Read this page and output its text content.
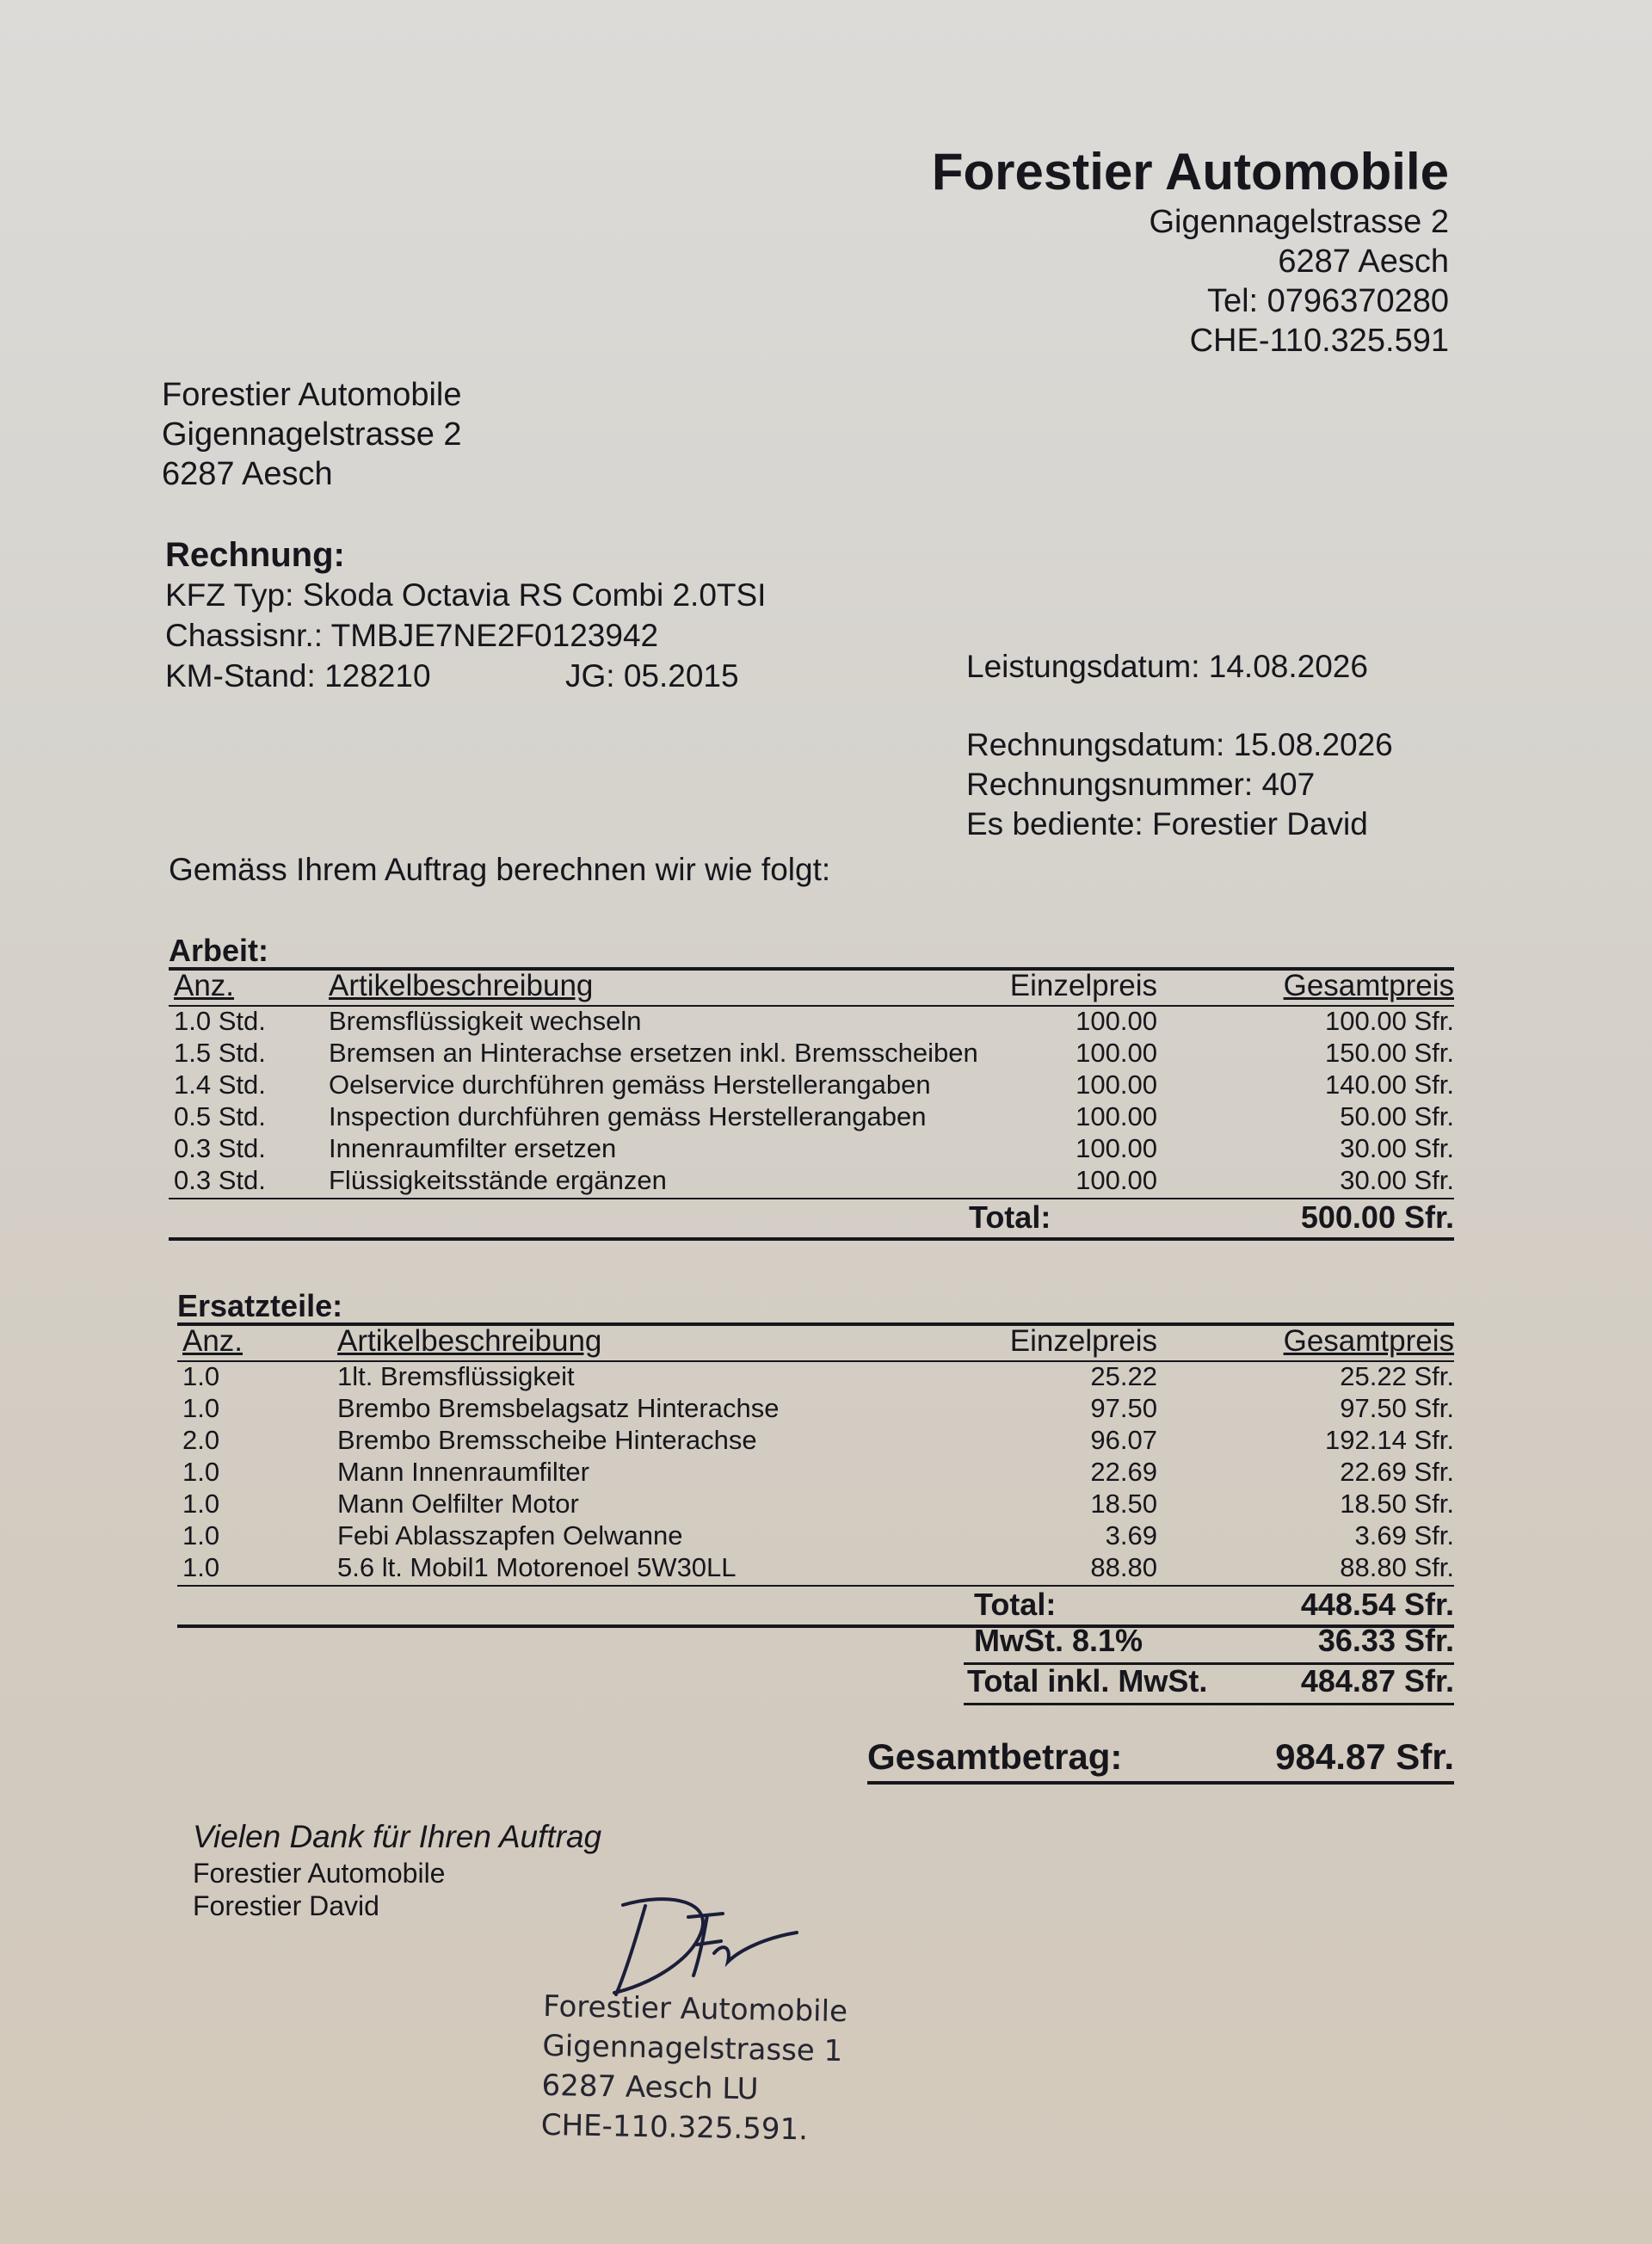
Forestier Automobile
Gigennagelstrasse 2
6287 Aesch
Tel: 0796370280
CHE-110.325.591
Forestier Automobile
Gigennagelstrasse 2
6287 Aesch
Rechnung:
KFZ Typ: Skoda Octavia RS Combi 2.0TSI
Chassisnr.: TMBJE7NE2F0123942
KM-Stand: 128210	JG: 05.2015	Leistungsdatum: 14.08.2026
Rechnungsdatum: 15.08.2026
Rechnungsnummer: 407
Es bediente: Forestier David
Gemäss Ihrem Auftrag berechnen wir wie folgt:
Arbeit:
Anz.	Artikelbeschreibung	Einzelpreis	Gesamtpreis
1.0 Std. Bremsflüssigkeit wechseln	100.00	100.00 Sfr.
1.5 Std. Bremsen an Hinterachse ersetzen inkl. Bremsscheiben	100.00	150.00 Sfr.
1.4 Std. Oelservice durchführen gemäss Herstellerangaben	100.00	140.00 Sfr.
0.5 Std. Inspection durchführen gemäss Herstellerangaben	100.00	50.00 Sfr.
0.3 Std. Innenraumfilter ersetzen	100.00	30.00 Sfr.
0.3 Std. Flüssigkeitsstände ergänzen	100.00	30.00 Sfr.
Total:	500.00 Sfr.
Ersatzteile:
Anz.	Artikelbeschreibung	Einzelpreis	Gesamtpreis
1.0	1lt. Bremsflüssigkeit	25.22	25.22 Sfr.
1.0	Brembo Bremsbelagsatz Hinterachse	97.50	97.50 Sfr.
2.0	Brembo Bremsscheibe Hinterachse	96.07	192.14 Sfr.
1.0	Mann Innenraumfilter	22.69	22.69 Sfr.
1.0	Mann Oelfilter Motor	18.50	18.50 Sfr.
1.0	Febi Ablasszapfen Oelwanne	3.69	3.69 Sfr.
1.0	5.6 lt. Mobil1 Motorenoel 5W30LL	88.80	88.80 Sfr.
Total:	448.54 Sfr.
MwSt. 8.1%	36.33 Sfr.
Total inkl. MwSt.	484.87 Sfr.
Gesamtbetrag:	984.87 Sfr.
Vielen Dank für Ihren Auftrag
Forestier Automobile
Forestier David
Forestier Automobile
Gigennagelstrasse 1
6287 Aesch LU
CHE-110.325.591.
